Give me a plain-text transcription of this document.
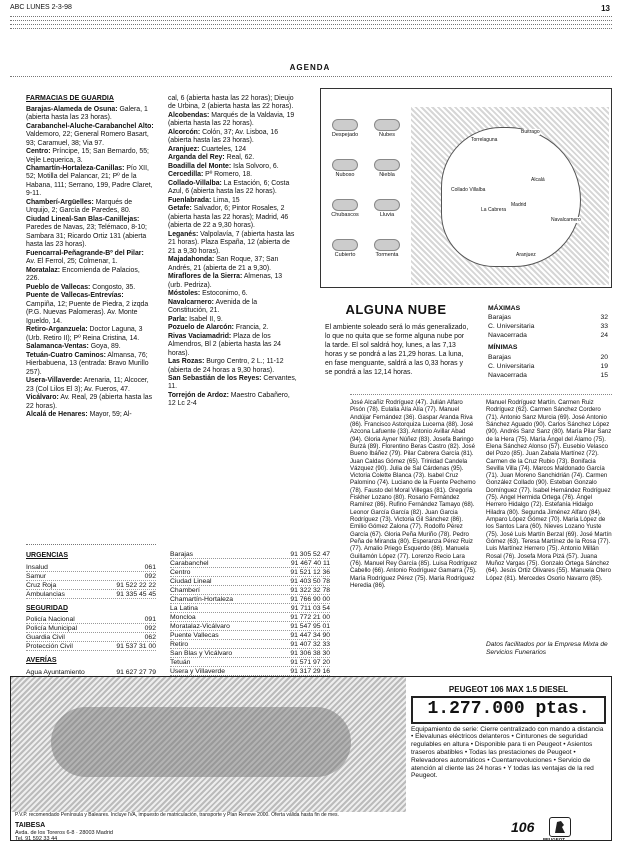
ABC LUNES 2-3-98	13
AGENDA
FARMACIAS DE GUARDIA
Barajas-Alameda de Osuna: Galera, 1 (abierta hasta las 23 horas).
Carabanchel-Aluche-Carabanchel Alto: Valdemoro, 22; General Romero Basart, 93; Caramuel, 38; Via 97.
Centro: Príncipe, 15; San Bernardo, 55; Vejle Lequerica, 3.
Chamartín-Hortaleza-Canillas: Pío XII, 52; Motilla del Palancar, 21; Pº de la Habana, 111; Serrano, 199, Padre Claret, 9-11.
Chamberí-Argüelles: Marqués de Urquijo, 2; García de Paredes, 80.
Ciudad Lineal-San Blas-Canillejas: Paredes de Navas, 23; Telémaco, 8-10; Sambara 31; Ricardo Ortiz 131 (abierta hasta las 23 horas).
Fuencarral-Peñagrande-Bº del Pilar: Av. El Ferrol, 25; Colmenar, 1.
Moratalaz: Encomienda de Palacios, 226.
Pueblo de Vallecas: Congosto, 35.
Puente de Vallecas-Entrevías: Campiña, 12; Puente de Piedra, 2 izqda (P.G. Nuevas Palomeras). Av. Monte Igueldo, 14.
Retiro-Arganzuela: Doctor Laguna, 3 (Urb. Retiro II); Pº Reina Cristina, 14.
Salamanca-Ventas: Goya, 89.
Tetuán-Cuatro Caminos: Almansa, 76; Hierbabuena, 13 (entrada: Bravo Murillo 257).
Usera-Villaverde: Arenaria, 11; Alcocer, 23 (Col Lilos El 3); Av. Fueros, 47.
Vicálvaro: Av. Real, 29 (abierta hasta las 22 horas).
Alcalá de Henares: Mayor, 59; Al-
cal, 6 (abierta hasta las 22 horas); Dieujo de Urbina, 2 (abierta hasta las 22 horas).
Alcobendas: Marqués de la Valdavia, 19 (abierta hasta las 22 horas).
Alcorcón: Colón, 37; Av. Lisboa, 16 (abierta hasta las 23 horas).
Aranjuez: Cuarteles, 124
Arganda del Rey: Real, 62.
Boadilla del Monte: Isla Solvoro, 6.
Cercedilla: Pº Romero, 18.
Collado-Villalba: La Estación, 6; Costa Azul, 6 (abierta hasta las 22 horas).
Fuenlabrada: Lima, 15
Getafe: Salvador, 6; Pintor Rosales, 2 (abierta hasta las 22 horas); Madrid, 46 (abierta de 22 a 9,30 horas).
Leganés: Valpolavía, 7 (abierta hasta las 21 horas). Plaza España, 12 (abierta de 21 a 9,30 horas).
Majadahonda: San Roque, 37; San Andrés, 21 (abierta de 21 a 9,30).
Miraflores de la Sierra: Almenas, 13 (urb. Pedriza).
Móstoles: Estoconimo, 6.
Navalcarnero: Avenida de la Constitución, 21.
Parla: Isabel II, 9.
Pozuelo de Alarcón: Francia, 2.
Rivas Vaciamadrid: Plaza de los Almendros, Bl 2 (abierta hasta las 24 horas).
Las Rozas: Burgo Centro, 2 L.; 11-12 (abierta de 24 horas a 9,30 horas).
San Sebastián de los Reyes: Cervantes, 11.
Torrejón de Ardoz: Maestro Cabañero, 12 Lc 2-4
Despejado	Nubes
Nuboso	Niebla
Chubascos	Lluvia
Cubierto	Tormenta
Torrelaguna
Buitrago
Collado Villalba
Alcalá
La Cabrera
Madrid
Aranjuez
Navalcarnero
ALGUNA NUBE
El ambiente soleado será lo más generalizado, lo que no quita que se forme alguna nube por la tarde. El sol saldrá hoy, lunes, a las 7,13 horas y se pondrá a las 21,29 horas. La luna, en fase menguante, saldrá a las 0,33 horas y se pondrá a las 12,14 horas.
MÁXIMAS
Barajas	32
C. Universitaria	33
Navacerrada	24
MÍNIMAS
Barajas	20
C. Universitaria	19
Navacerrada	15
José Alcañiz Rodríguez (47). Julián Alfaro Pisón (78). Eulalia Alía Alía (77). Manuel Andújar Fernández (36). Gaspar Aranda Riva (86). Francisco Astorquiza Lucerna (88). José Azcona Lafuente (33). Antonio Avillar Abad (94). Gloria Ayner Núñez (83). Josefa Baringo Burzá (89). Florentino Beras Castro (82). José Bueno Ibáñez (79). Pilar Cabrera García (81). Juan Caldas Gómez (65). Trinidad Candela Vázquez (90). Julia de Sal Cárdenas (95). Victoria Colette Blanca (73). Isabel Cruz Palomino (74). Luciano de la Fuente Pechemo (78). Fausto del Moral Villegas (81). Gregoria Fiskher Lozano (80). Rosario Fernández Ramírez (86). Rufino Fernández Tamayo (68). Leonor García García (82). Juan Garcia Rodríguez (73). Victoria Gil Sánchez (86). Emilio Gómez Zalona (77). Rodolfo Pérez García (67). Gloria Peña Muriño (78). Pedro Peña de Miranda (80). Esperanza Pérez Ruiz (77). Amalio Priego Esquerdo (86). Manuela Guillamón López (77). Lorenzo Recio Lara (76). Manuel Rey García (85). Luisa Rodríguez Cabello (66). Antonio Rodríguez Gamarra (75). María Rodríguez Pérez (75). María Rodríguez Heredia (86).
Manuel Rodríguez Martín. Carmen Ruiz Rodríguez (62). Carmen Sánchez Cordero (71). Antonio Sanz Murcia (69). José Antonio Sánchez Aguado (90). Carlos Sánchez López (90). Andrés Sanz Sanz (80). María Pilar Sanz de la Hera (75). María Ángel del Álamo (75). Elena Sánchez Alonso (57). Eusebio Velasco del Pozo (85). Juan Zabala Martínez (72). Carmen de la Cruz Rubio (73). Bonifacia Sevilla Villa (74). Marcos Maldonado García (71). Juan Moreno Sanchidrián (74). Carmen González Collado (90). Esteban Gonzalo Domínguez (77). Isabel Hernández Rodríguez (75). Angel Hermida Ortega (76). Ángel Herrero Hidalgo (72). Estefanía Hidalgo Hiladra (80). Segunda Jiménez Alfaro (84). Amparo López Gómez (70). María López de los Santos Lara (60). Nieves Lozano Yuste (75). José Luis Martín Berzal (69). José Martín Gómez (63). Teresa Martínez de la Rosa (77). Luis Martínez Herrero (75). Antonio Millán Rosal (76). Josefa Mora Pizá (57). Juana Muñoz Vargas (75). Gonzalo Ortega Sánchez (64). Jesús Ortiz Olivares (55). Manuela Otero López (81). Mercedes Osorio Navarro (85).
Datos facilitados por la Empresa Mixta de Servicios Funerarios
URGENCIAS
Insalud	061
Samur	092
Cruz Roja	91 522 22 22
Ambulancias	91 335 45 45
SEGURIDAD
Policía Nacional	091
Policía Municipal	092
Guardia Civil	062
Protección Civil	91 537 31 00
AVERÍAS
Agua Ayuntamiento	91 627 27 79
Barajas	91 305 52 47
Carabanchel	91 467 40 11
Centro	91 521 12 36
Ciudad Lineal	91 403 50 78
Chamberí	91 322 32 78
Chamartín-Hortaleza	91 766 90 00
La Latina	91 711 03 54
Moncloa	91 772 21 00
Moratalaz-Vicálvaro	91 547 95 01
Puente Vallecas	91 447 34 90
Retiro	91 407 32 33
San Blas y Vicálvaro	91 306 38 30
Tetuán	91 571 97 20
Usera y Villaverde	91 317 29 16
PEUGEOT 106 MAX 1.5 DIESEL
1.277.000 ptas.
Equipamiento de serie: Cierre centralizado con mando a distancia • Elevalunas eléctricos delanteros • Cinturones de seguridad regulables en altura • Disponible para ti en Peugeot • Asientos traseros abatibles • Todas las prestaciones de Peugeot • Relevadores automáticos • Cuentarrevoluciones • Servicio de atención al cliente las 24 horas • Y todas las ventajas de la red Peugeot.
P.V.P. recomendado Península y Baleares. Incluye IVA, impuesto de matriculación, transporte y Plan Renove 2000. Oferta válida hasta fin de mes.
TAIBESA
Avda. de los Toreros 6-8 · 28003 Madrid
Tel. 91 592 33 44
106
PEUGEOT
